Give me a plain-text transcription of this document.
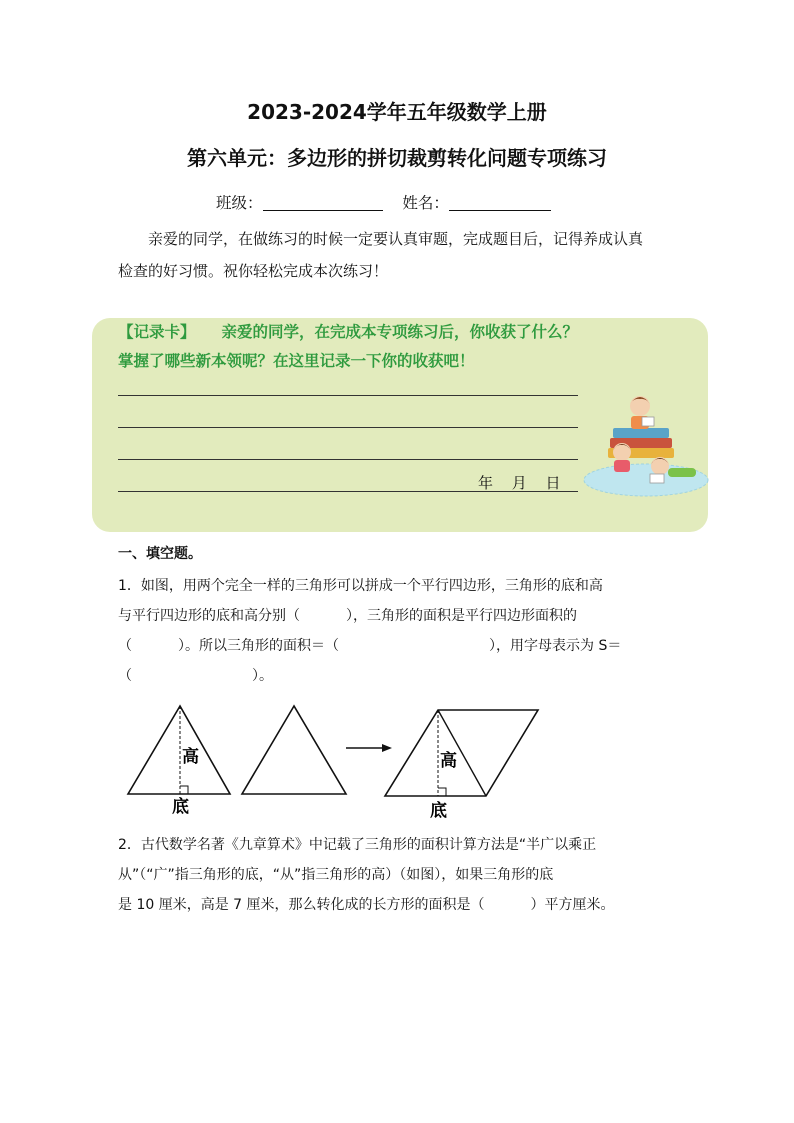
2023-2024学年五年级数学上册
第六单元：多边形的拼切裁剪转化问题专项练习
班级：	姓名：
亲爱的同学，在做练习的时候一定要认真审题，完成题目后，记得养成认真
检查的好习惯。祝你轻松完成本次练习！
【记录卡】 亲爱的同学，在完成本专项练习后，你收获了什么？
掌握了哪些新本领呢？在这里记录一下你的收获吧！
年 月 日
一、填空题。
1．如图，用两个完全一样的三角形可以拼成一个平行四边形，三角形的底和高
与平行四边形的底和高分别（	），三角形的面积是平行四边形面积的
（	）。所以三角形的面积＝（	），用字母表示为 S＝
（	）。
高
底
高
底
2．古代数学名著《九章算术》中记载了三角形的面积计算方法是“半广以乘正
从”（“广”指三角形的底，“从”指三角形的高）（如图），如果三角形的底
是 10 厘米，高是 7 厘米，那么转化成的长方形的面积是（	）平方厘米。
